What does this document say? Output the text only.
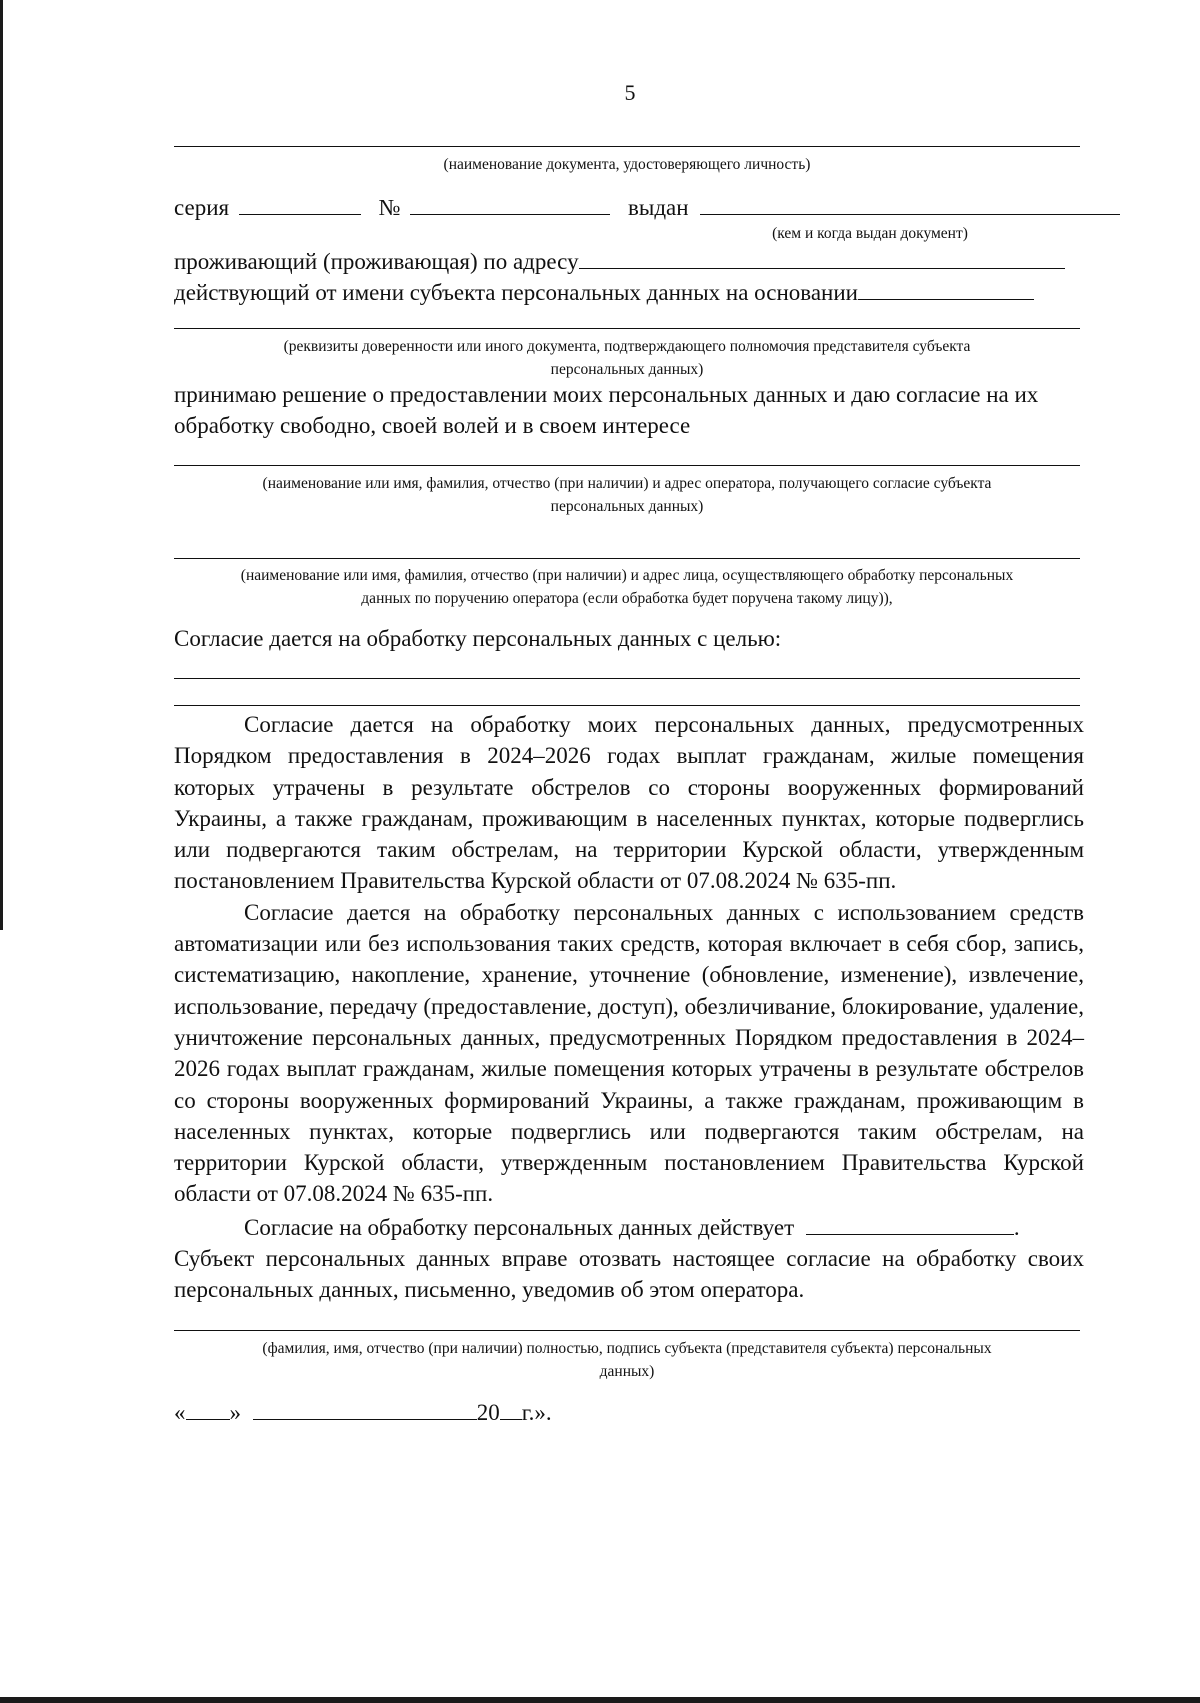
5
(наименование документа, удостоверяющего личность)
серия	№	выдан
(кем и когда выдан документ)
проживающий (проживающая) по адресу
действующий от имени субъекта персональных данных на основании
(реквизиты доверенности или иного документа, подтверждающего полномочия представителя субъекта
персональных данных)
принимаю решение о предоставлении моих персональных данных и даю согласие на их
обработку свободно, своей волей и в своем интересе
(наименование или имя, фамилия, отчество (при наличии) и адрес оператора, получающего согласие субъекта
персональных данных)
(наименование или имя, фамилия, отчество (при наличии) и адрес лица, осуществляющего обработку персональных
данных по поручению оператора (если обработка будет поручена такому лицу)),
Согласие дается на обработку персональных данных с целью:

Согласие дается на обработку моих персональных данных, предусмотренных Порядком предоставления в 2024–2026 годах выплат гражданам, жилые помещения которых утрачены в результате обстрелов со стороны вооруженных формирований Украины, а также гражданам, проживающим в населенных пунктах, которые подверглись или подвергаются таким обстрелам, на территории Курской области, утвержденным постановлением Правительства Курской области от 07.08.2024 № 635-пп.

Согласие дается на обработку персональных данных с использованием средств автоматизации или без использования таких средств, которая включает в себя сбор, запись, систематизацию, накопление, хранение, уточнение (обновление, изменение), извлечение, использование, передачу (предоставление, доступ), обезличивание, блокирование, удаление, уничтожение персональных данных, предусмотренных Порядком предоставления в 2024–2026 годах выплат гражданам, жилые помещения которых утрачены в результате обстрелов со стороны вооруженных формирований Украины, а также гражданам, проживающим в населенных пунктах, которые подверглись или подвергаются таким обстрелам, на территории Курской области, утвержденным постановлением Правительства Курской области от 07.08.2024 № 635-пп.

Согласие на обработку персональных данных действует	.

Субъект персональных данных вправе отозвать настоящее согласие на обработку своих персональных данных, письменно, уведомив об этом оператора.

(фамилия, имя, отчество (при наличии) полностью, подпись субъекта (представителя субъекта) персональных
данных)
« »	20 г.».
